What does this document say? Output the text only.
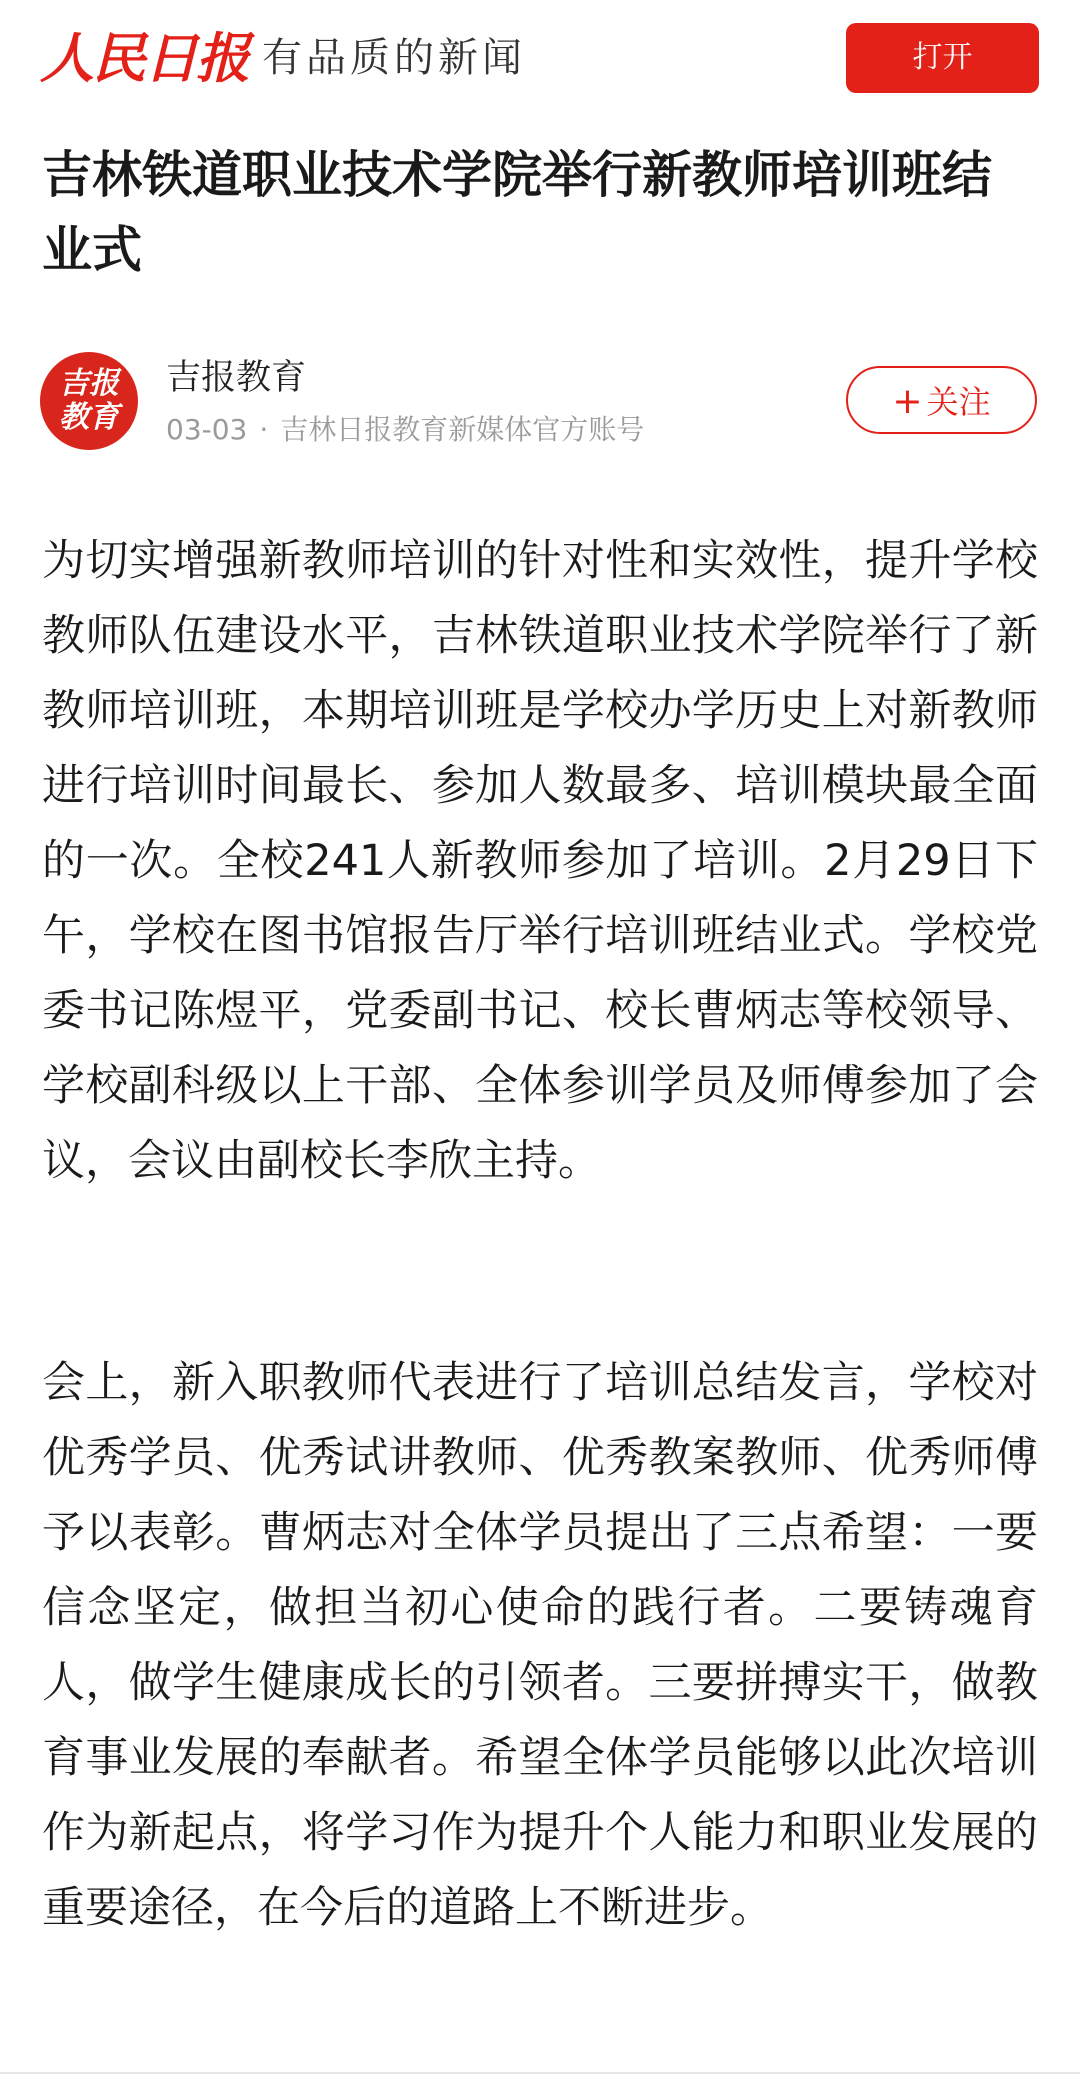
人民日报 有品质的新闻	打开
吉林铁道职业技术学院举行新教师培训班结业式
吉报
教育
吉报教育
03-03 · 吉林日报教育新媒体官方账号
+ 关注

为切实增强新教师培训的针对性和实效性，提升学校教师队伍建设水平，吉林铁道职业技术学院举行了新教师培训班，本期培训班是学校办学历史上对新教师进行培训时间最长、参加人数最多、培训模块最全面的一次。全校241人新教师参加了培训。2月29日下午，学校在图书馆报告厅举行培训班结业式。学校党委书记陈煜平，党委副书记、校长曹炳志等校领导、学校副科级以上干部、全体参训学员及师傅参加了会议，会议由副校长李欣主持。

会上，新入职教师代表进行了培训总结发言，学校对优秀学员、优秀试讲教师、优秀教案教师、优秀师傅予以表彰。曹炳志对全体学员提出了三点希望：一要信念坚定，做担当初心使命的践行者。二要铸魂育人，做学生健康成长的引领者。三要拼搏实干，做教育事业发展的奉献者。希望全体学员能够以此次培训作为新起点，将学习作为提升个人能力和职业发展的重要途径，在今后的道路上不断进步。
